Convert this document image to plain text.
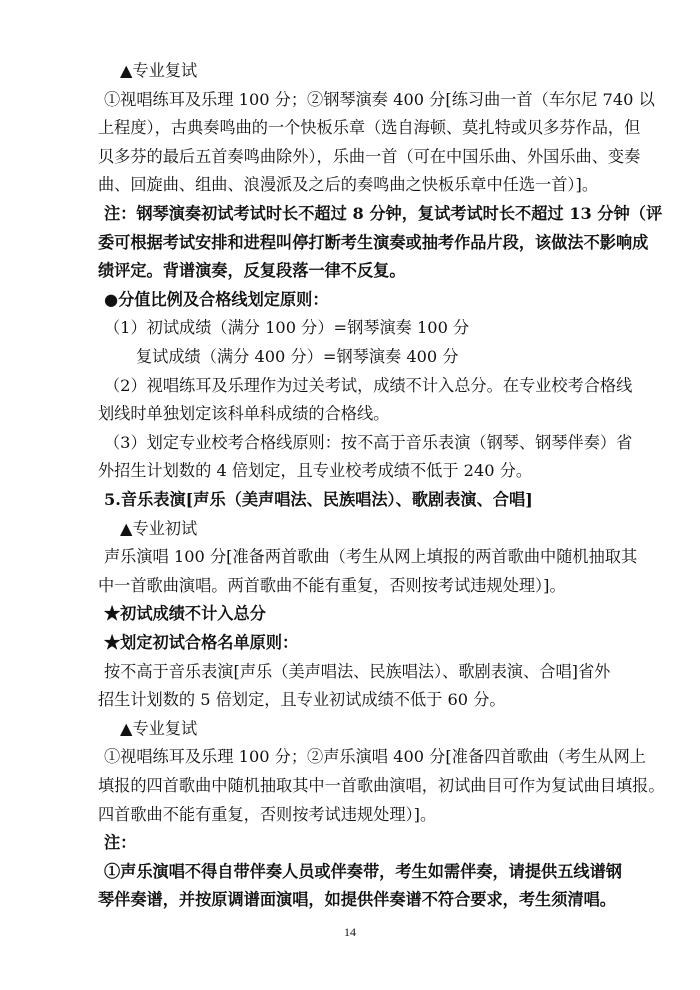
▲专业复试
①视唱练耳及乐理 100 分；②钢琴演奏 400 分[练习曲一首（车尔尼 740 以
上程度），古典奏鸣曲的一个快板乐章（选自海顿、莫扎特或贝多芬作品，但
贝多芬的最后五首奏鸣曲除外），乐曲一首（可在中国乐曲、外国乐曲、变奏
曲、回旋曲、组曲、浪漫派及之后的奏鸣曲之快板乐章中任选一首）]。
注：钢琴演奏初试考试时长不超过 8 分钟，复试考试时长不超过 13 分钟（评
委可根据考试安排和进程叫停打断考生演奏或抽考作品片段，该做法不影响成
绩评定。背谱演奏，反复段落一律不反复。
●分值比例及合格线划定原则：
（1）初试成绩（满分 100 分）=钢琴演奏 100 分
复试成绩（满分 400 分）=钢琴演奏 400 分
（2）视唱练耳及乐理作为过关考试，成绩不计入总分。在专业校考合格线
划线时单独划定该科单科成绩的合格线。
（3）划定专业校考合格线原则：按不高于音乐表演（钢琴、钢琴伴奏）省
外招生计划数的 4 倍划定，且专业校考成绩不低于 240 分。
5.音乐表演[声乐（美声唱法、民族唱法）、歌剧表演、合唱]
▲专业初试
声乐演唱 100 分[准备两首歌曲（考生从网上填报的两首歌曲中随机抽取其
中一首歌曲演唱。两首歌曲不能有重复，否则按考试违规处理）]。
★初试成绩不计入总分
★划定初试合格名单原则：
按不高于音乐表演[声乐（美声唱法、民族唱法）、歌剧表演、合唱]省外
招生计划数的 5 倍划定，且专业初试成绩不低于 60 分。
▲专业复试
①视唱练耳及乐理 100 分；②声乐演唱 400 分[准备四首歌曲（考生从网上
填报的四首歌曲中随机抽取其中一首歌曲演唱，初试曲目可作为复试曲目填报。
四首歌曲不能有重复，否则按考试违规处理）]。
注：
①声乐演唱不得自带伴奏人员或伴奏带，考生如需伴奏，请提供五线谱钢
琴伴奏谱，并按原调谱面演唱，如提供伴奏谱不符合要求，考生须清唱。
14
